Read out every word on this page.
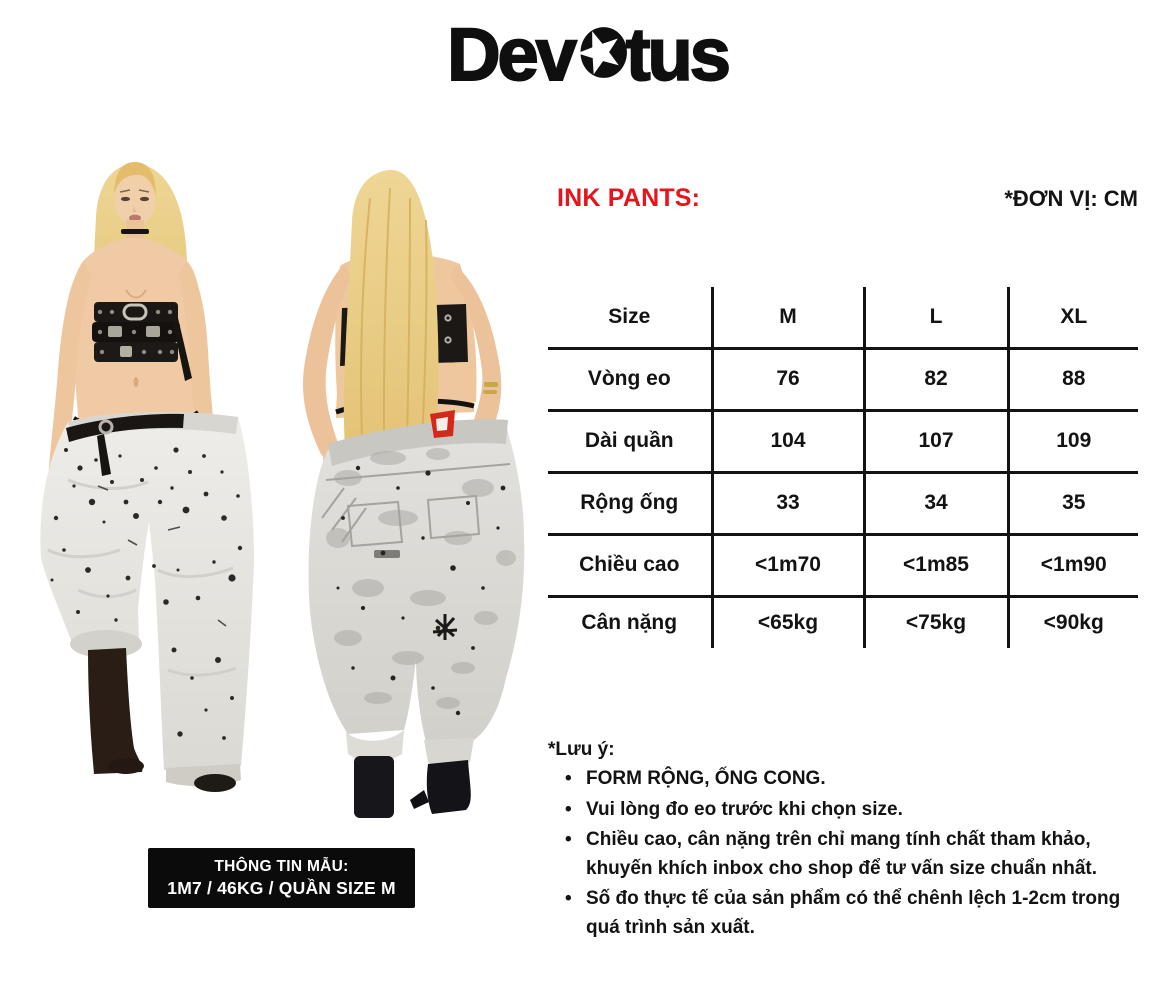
Dev tus
THÔNG TIN MẪU:
1M7 / 46KG / QUẦN SIZE M
INK PANTS:	*ĐƠN VỊ: CM
Size	M	L	XL
Vòng eo	76	82	88
Dài quần	104	107	109
Rộng ống	33	34	35
Chiều cao	<1m70	<1m85	<1m90
Cân nặng	<65kg	<75kg	<90kg
*Lưu ý:
• FORM RỘNG, ỐNG CONG.
• Vui lòng đo eo trước khi chọn size.
• Chiều cao, cân nặng trên chỉ mang tính chất tham khảo, khuyến khích inbox cho shop để tư vấn size chuẩn nhất.
• Số đo thực tế của sản phẩm có thể chênh lệch 1-2cm trong quá trình sản xuất.
